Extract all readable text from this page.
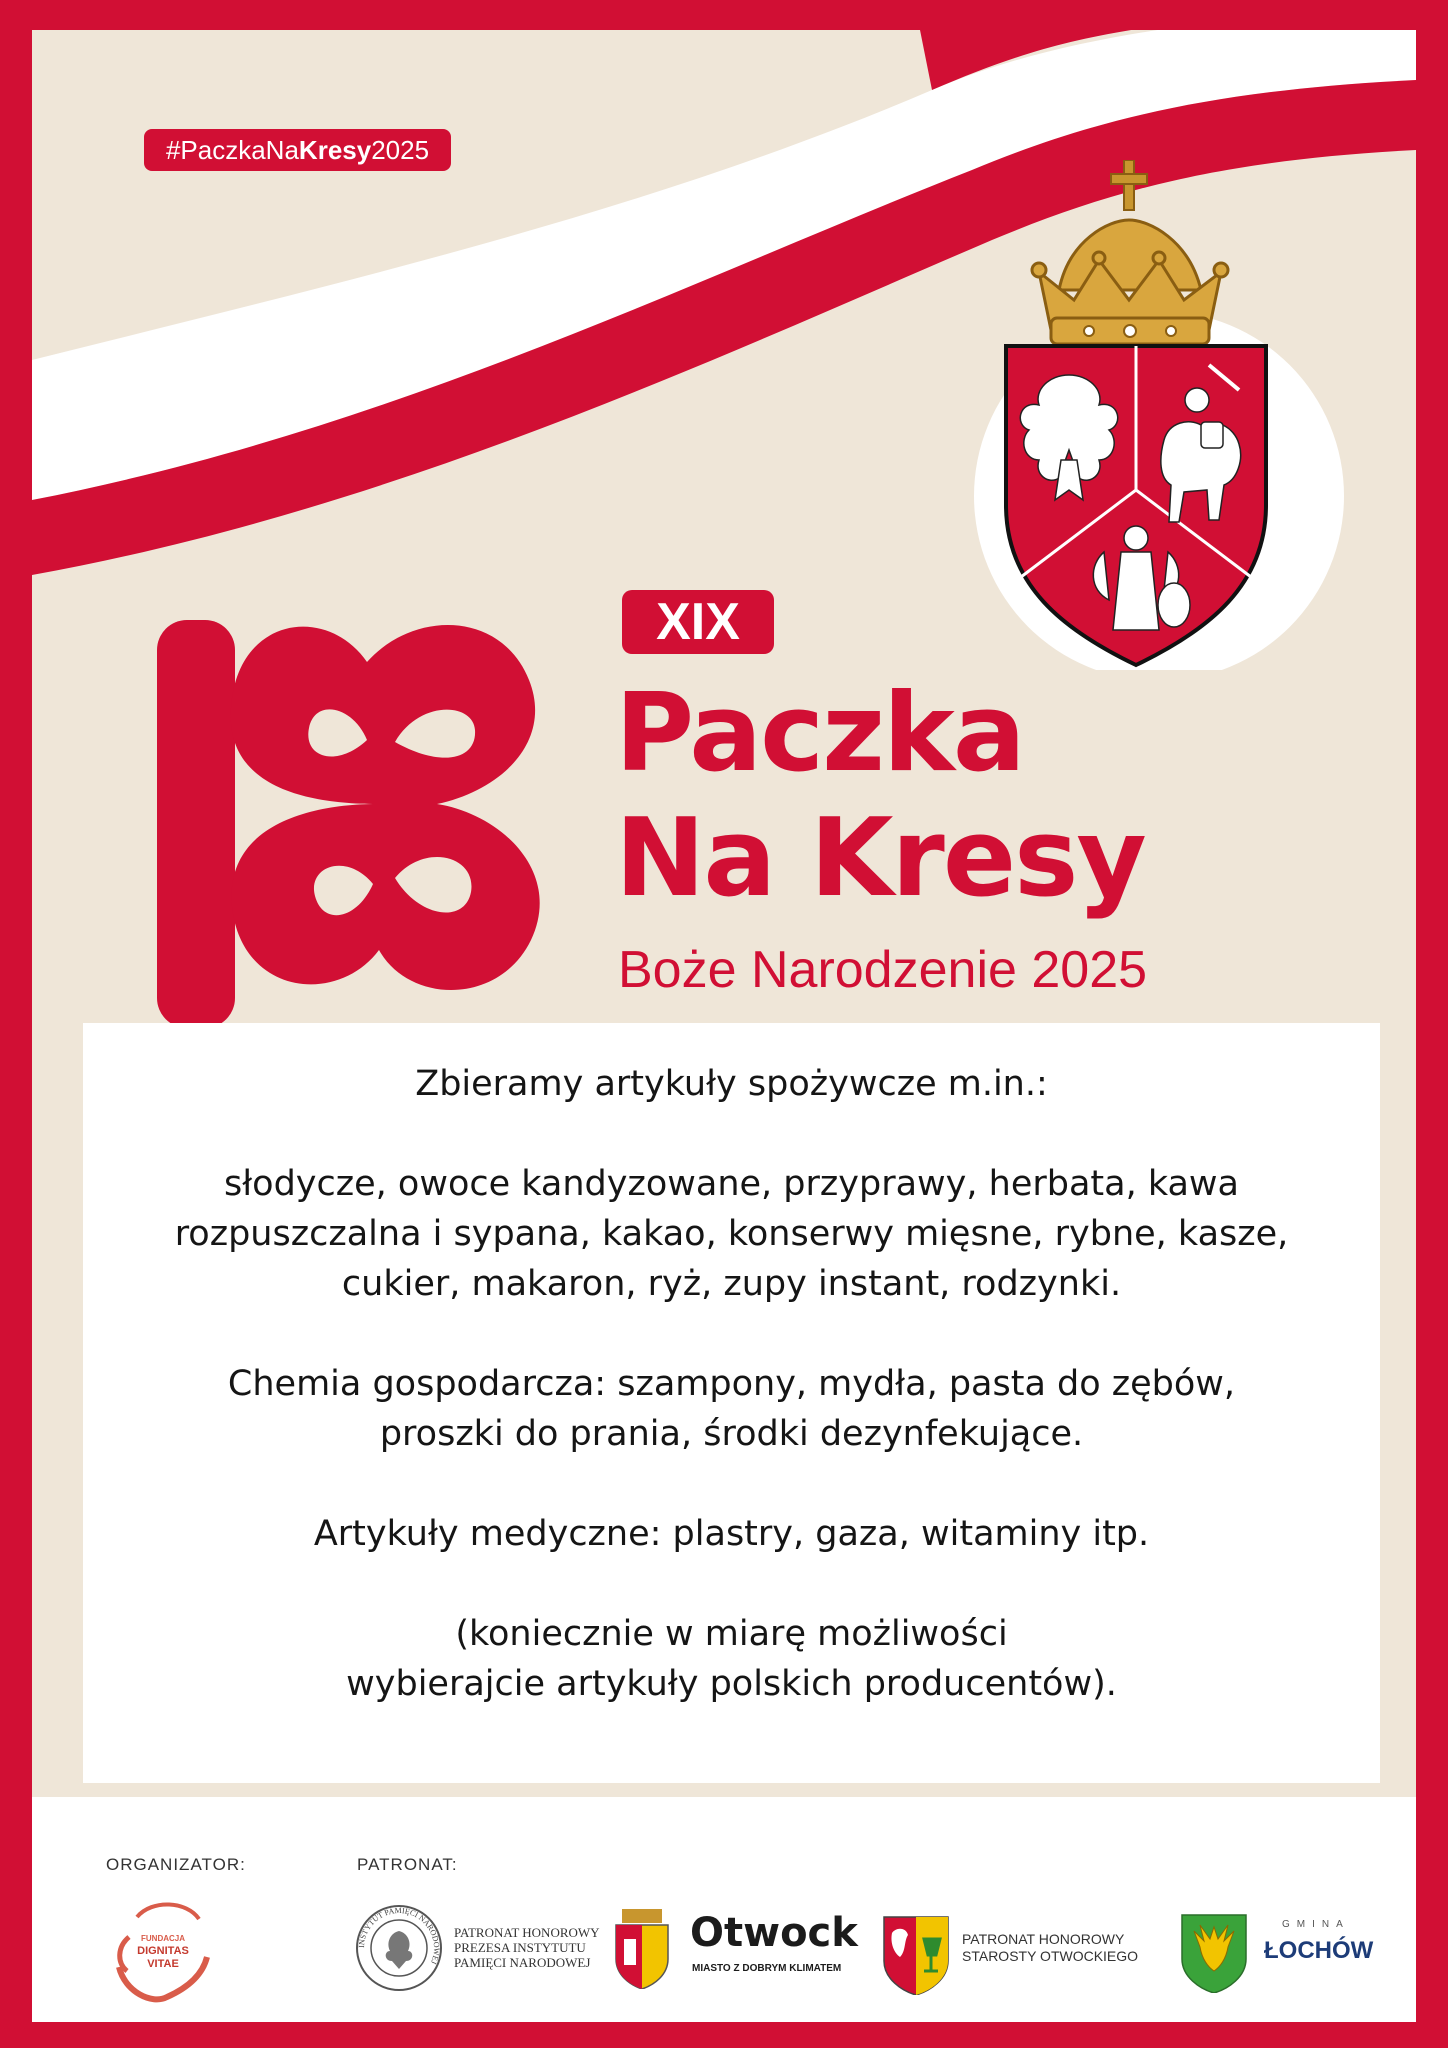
#PaczkaNaKresy2025
XIX
Paczka
Na Kresy
Boże Narodzenie 2025

Zbieramy artykuły spożywcze m.in.:

słodycze, owoce kandyzowane, przyprawy, herbata, kawa

rozpuszczalna i sypana, kakao, konserwy mięsne, rybne, kasze,

cukier, makaron, ryż, zupy instant, rodzynki.

Chemia gospodarcza: szampony, mydła, pasta do zębów,

proszki do prania, środki dezynfekujące.

Artykuły medyczne: plastry, gaza, witaminy itp.

(koniecznie w miarę możliwości

wybierajcie artykuły polskich producentów).

ORGANIZATOR:	PATRONAT:
FUNDACJA
DIGNITAS
VITAE
INSTYTUT PAMIĘCI NARODOWEJ
PATRONAT HONOROWY
PREZESA INSTYTUTU
PAMIĘCI NARODOWEJ
Otwock
MIASTO Z DOBRYM KLIMATEM
PATRONAT HONOROWY
STAROSTY OTWOCKIEGO
GMINA
ŁOCHÓW
